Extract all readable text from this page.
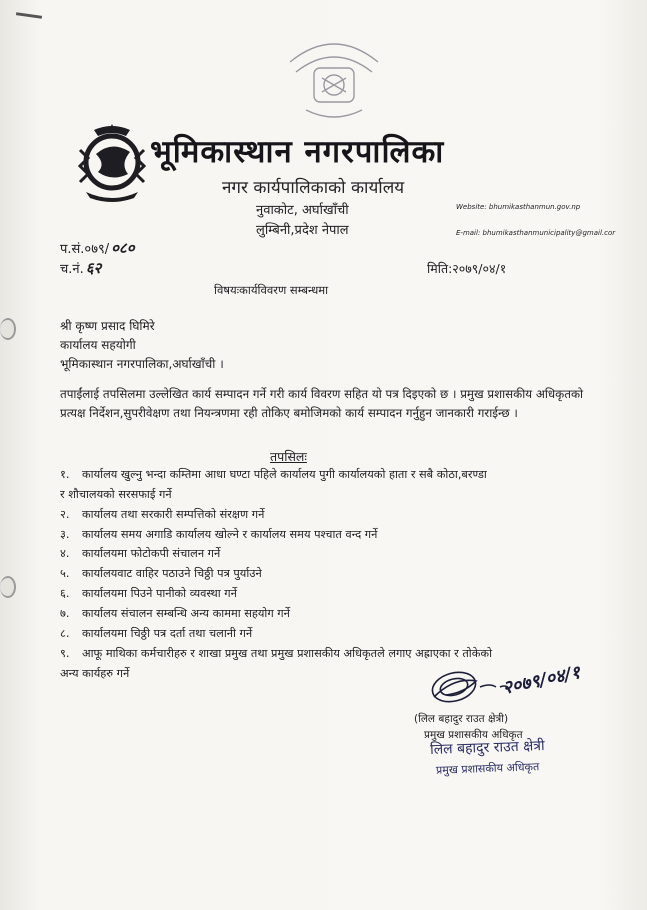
भूमिकास्थान नगरपालिका
नगर कार्यपालिकाको कार्यालय
नुवाकोट, अर्घाखाँची
लुम्बिनी,प्रदेश नेपाल
Website: bhumikasthanmun.gov.np
E-mail: bhumikasthanmunicipality@gmail.cor
प.सं.०७९/ ०८०
च.नं. ६२	मिति:२०७९/०४/१
विषयःकार्यविवरण सम्बन्धमा
श्री कृष्ण प्रसाद घिमिरे
कार्यालय सहयोगी
भूमिकास्थान नगरपालिका,अर्घाखाँची ।
तपाईंलाई तपसिलमा उल्लेखित कार्य सम्पादन गर्ने गरी कार्य विवरण सहित यो पत्र दिइएको छ । प्रमुख प्रशासकीय अधिकृतको प्रत्यक्ष निर्देशन,सुपरीवेक्षण तथा नियन्त्रणमा रही तोकिए बमोजिमको कार्य सम्पादन गर्नुहुन जानकारी गराईन्छ ।
तपसिलः
१. कार्यालय खुल्नु भन्दा कम्तिमा आधा घण्टा पहिले कार्यालय पुगी कार्यालयको हाता र सबै कोठा,बरण्डा
र शौचालयको सरसफाई गर्ने
२. कार्यालय तथा सरकारी सम्पत्तिको संरक्षण गर्ने
३. कार्यालय समय अगाडि कार्यालय खोल्ने र कार्यालय समय पश्चात वन्द गर्ने
४. कार्यालयमा फोटोकपी संचालन गर्ने
५. कार्यालयवाट वाहिर पठाउने चिठ्ठी पत्र पुर्याउने
६. कार्यालयमा पिउने पानीको व्यवस्था गर्ने
७. कार्यालय संचालन सम्बन्धि अन्य काममा सहयोग गर्ने
८. कार्यालयमा चिठ्ठी पत्र दर्ता तथा चलानी गर्ने
९. आफू माथिका कर्मचारीहरु र शाखा प्रमुख तथा प्रमुख प्रशासकीय अधिकृतले लगाए अह्राएका र तोकेको
अन्य कार्यहरु गर्ने	२०७९/०४/१
(लिल बहादुर राउत क्षेत्री)
प्रमुख प्रशासकीय अधिकृत
लिल बहादुर राउत क्षेत्री
प्रमुख प्रशासकीय अधिकृत
